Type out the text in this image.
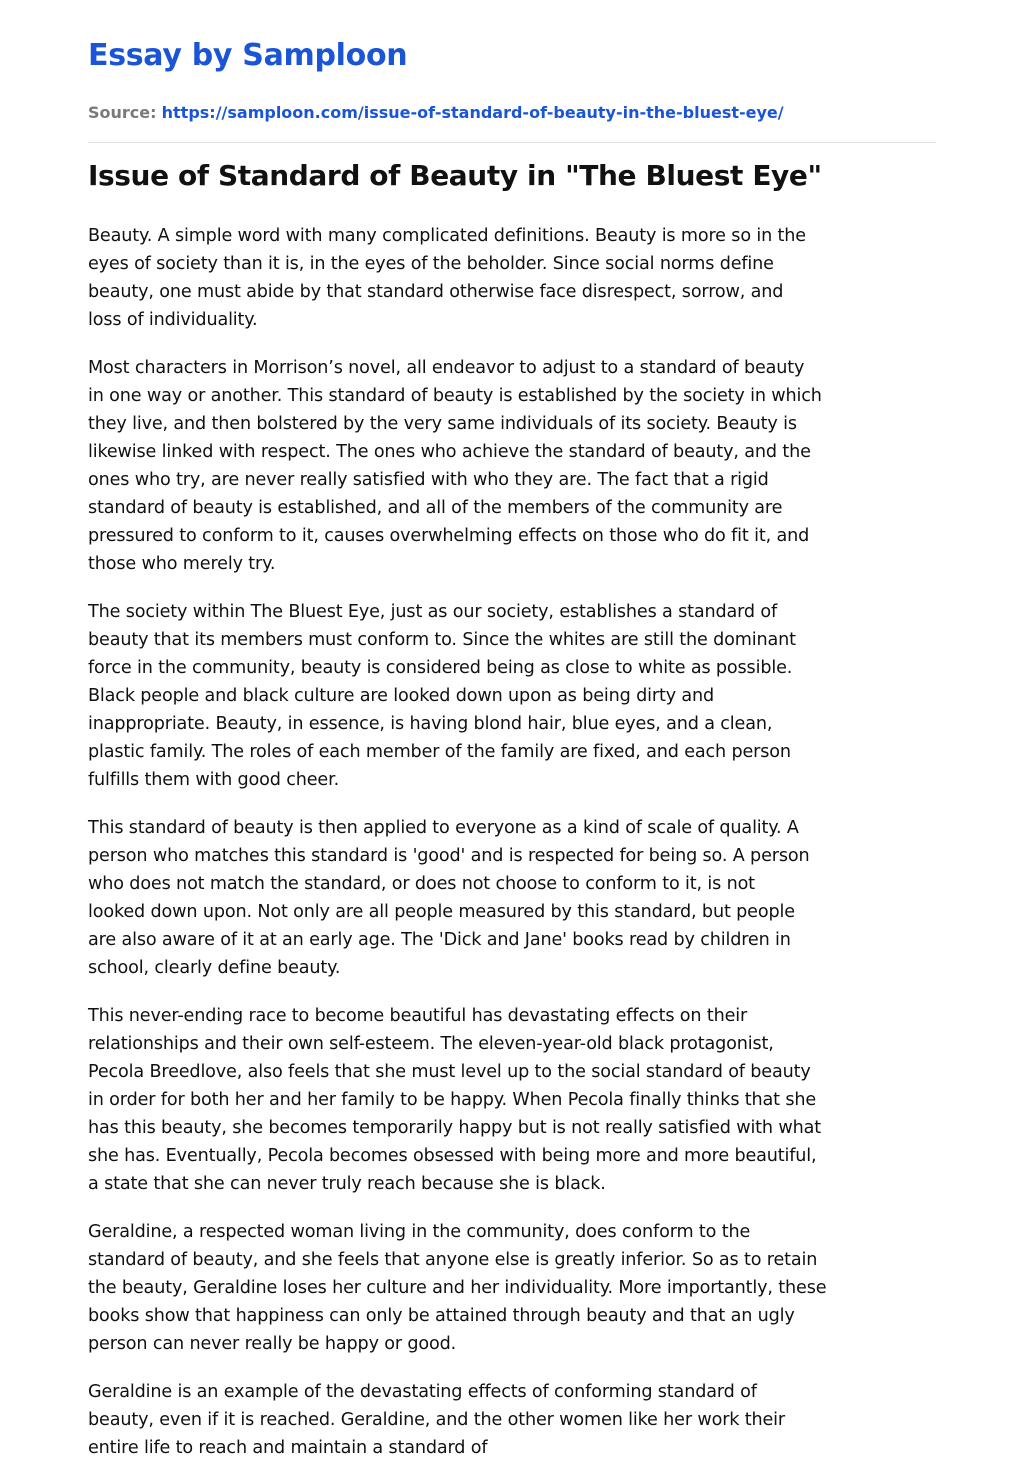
Essay by Samploon
Source: https://samploon.com/issue-of-standard-of-beauty-in-the-bluest-eye/
Issue of Standard of Beauty in "The Bluest Eye"

Beauty. A simple word with many complicated definitions. Beauty is more so in the
eyes of society than it is, in the eyes of the beholder. Since social norms define
beauty, one must abide by that standard otherwise face disrespect, sorrow, and
loss of individuality.

Most characters in Morrison’s novel, all endeavor to adjust to a standard of beauty
in one way or another. This standard of beauty is established by the society in which
they live, and then bolstered by the very same individuals of its society. Beauty is
likewise linked with respect. The ones who achieve the standard of beauty, and the
ones who try, are never really satisfied with who they are. The fact that a rigid
standard of beauty is established, and all of the members of the community are
pressured to conform to it, causes overwhelming effects on those who do fit it, and
those who merely try.

The society within The Bluest Eye, just as our society, establishes a standard of
beauty that its members must conform to. Since the whites are still the dominant
force in the community, beauty is considered being as close to white as possible.
Black people and black culture are looked down upon as being dirty and
inappropriate. Beauty, in essence, is having blond hair, blue eyes, and a clean,
plastic family. The roles of each member of the family are fixed, and each person
fulfills them with good cheer.

This standard of beauty is then applied to everyone as a kind of scale of quality. A
person who matches this standard is 'good' and is respected for being so. A person
who does not match the standard, or does not choose to conform to it, is not
looked down upon. Not only are all people measured by this standard, but people
are also aware of it at an early age. The 'Dick and Jane' books read by children in
school, clearly define beauty.

This never-ending race to become beautiful has devastating effects on their
relationships and their own self-esteem. The eleven-year-old black protagonist,
Pecola Breedlove, also feels that she must level up to the social standard of beauty
in order for both her and her family to be happy. When Pecola finally thinks that she
has this beauty, she becomes temporarily happy but is not really satisfied with what
she has. Eventually, Pecola becomes obsessed with being more and more beautiful,
a state that she can never truly reach because she is black.

Geraldine, a respected woman living in the community, does conform to the
standard of beauty, and she feels that anyone else is greatly inferior. So as to retain
the beauty, Geraldine loses her culture and her individuality. More importantly, these
books show that happiness can only be attained through beauty and that an ugly
person can never really be happy or good.

Geraldine is an example of the devastating effects of conforming standard of
beauty, even if it is reached. Geraldine, and the other women like her work their
entire life to reach and maintain a standard of
